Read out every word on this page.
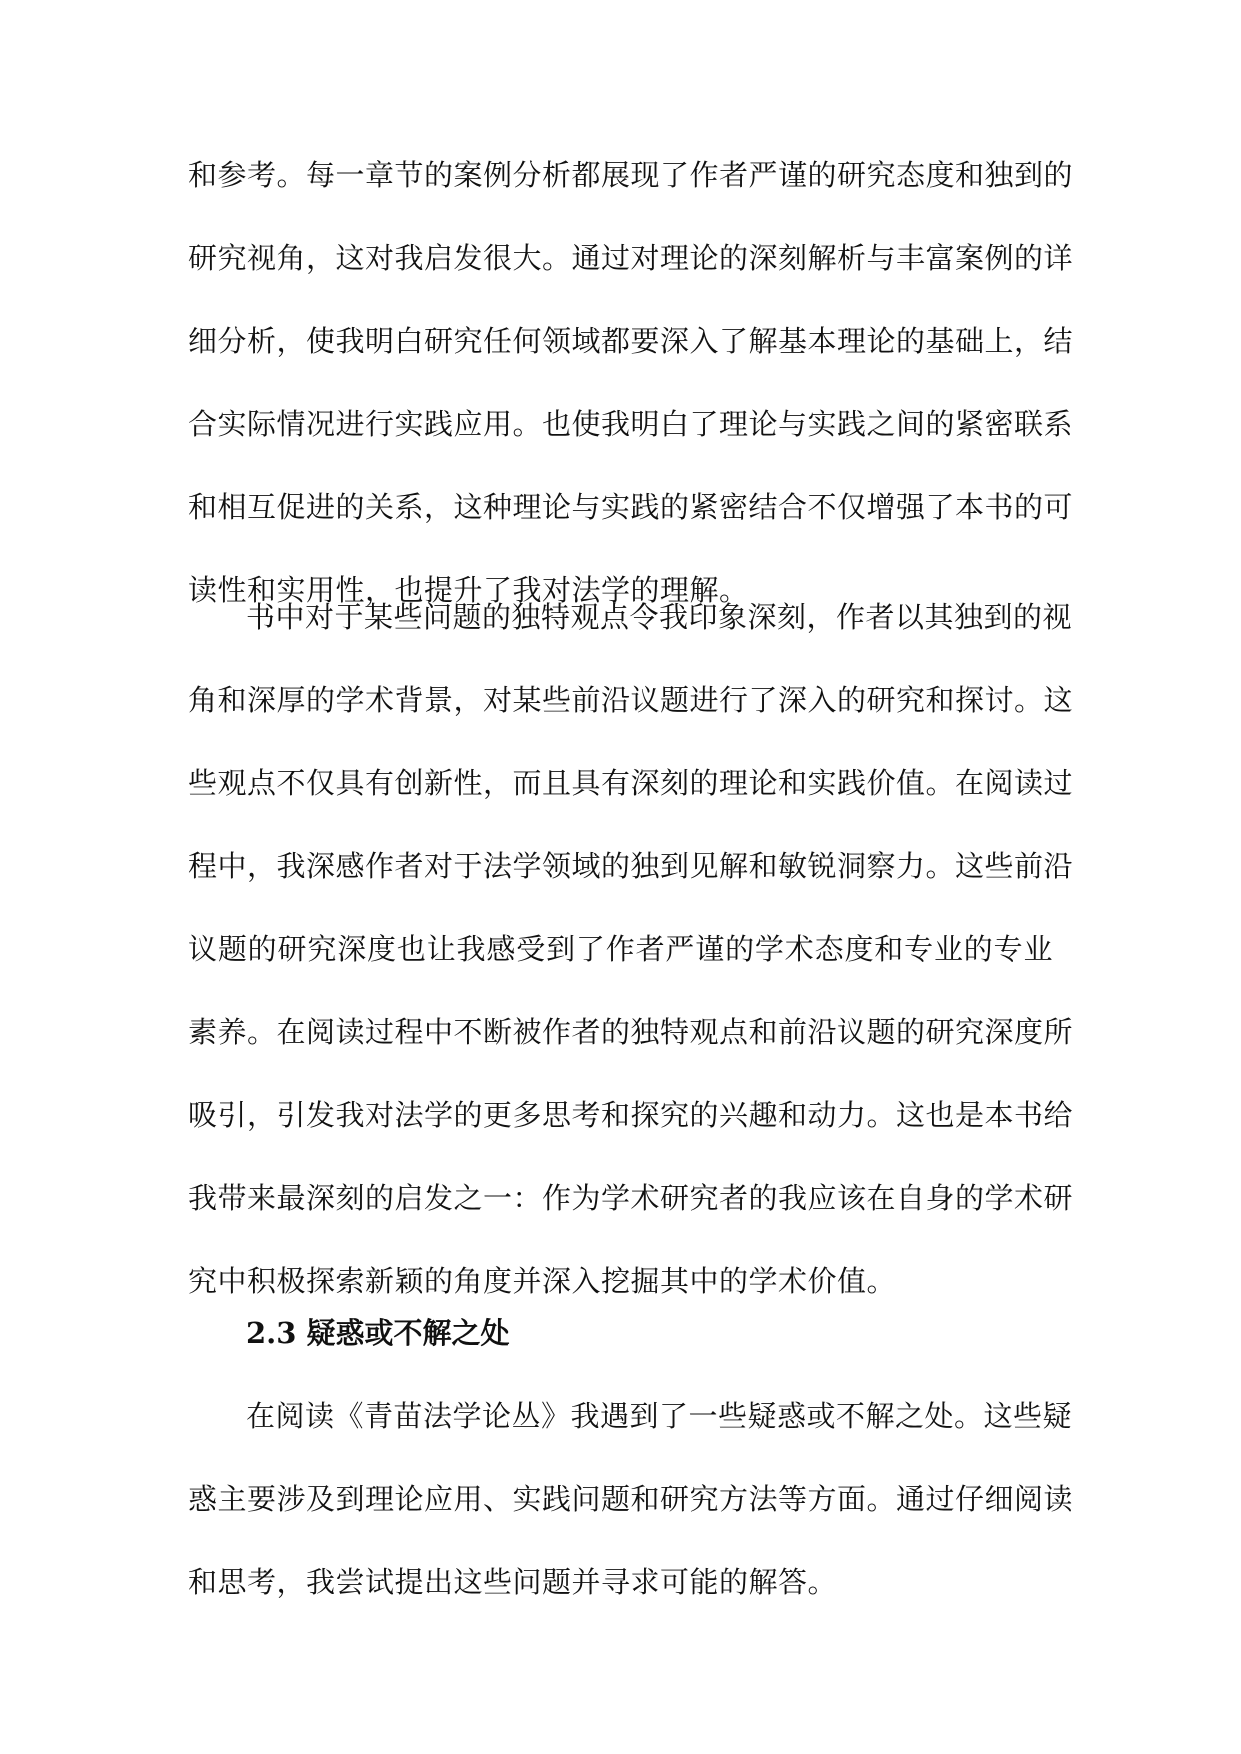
和参考。每一章节的案例分析都展现了作者严谨的研究态度和独到的
研究视角，这对我启发很大。通过对理论的深刻解析与丰富案例的详
细分析，使我明白研究任何领域都要深入了解基本理论的基础上，结
合实际情况进行实践应用。也使我明白了理论与实践之间的紧密联系
和相互促进的关系，这种理论与实践的紧密结合不仅增强了本书的可
读性和实用性，也提升了我对法学的理解。
书中对于某些问题的独特观点令我印象深刻，作者以其独到的视
角和深厚的学术背景，对某些前沿议题进行了深入的研究和探讨。这
些观点不仅具有创新性，而且具有深刻的理论和实践价值。在阅读过
程中，我深感作者对于法学领域的独到见解和敏锐洞察力。这些前沿
议题的研究深度也让我感受到了作者严谨的学术态度和专业的专业
素养。在阅读过程中不断被作者的独特观点和前沿议题的研究深度所
吸引，引发我对法学的更多思考和探究的兴趣和动力。这也是本书给
我带来最深刻的启发之一：作为学术研究者的我应该在自身的学术研
究中积极探索新颖的角度并深入挖掘其中的学术价值。
2.3 疑惑或不解之处
在阅读《青苗法学论丛》我遇到了一些疑惑或不解之处。这些疑
惑主要涉及到理论应用、实践问题和研究方法等方面。通过仔细阅读
和思考，我尝试提出这些问题并寻求可能的解答。
